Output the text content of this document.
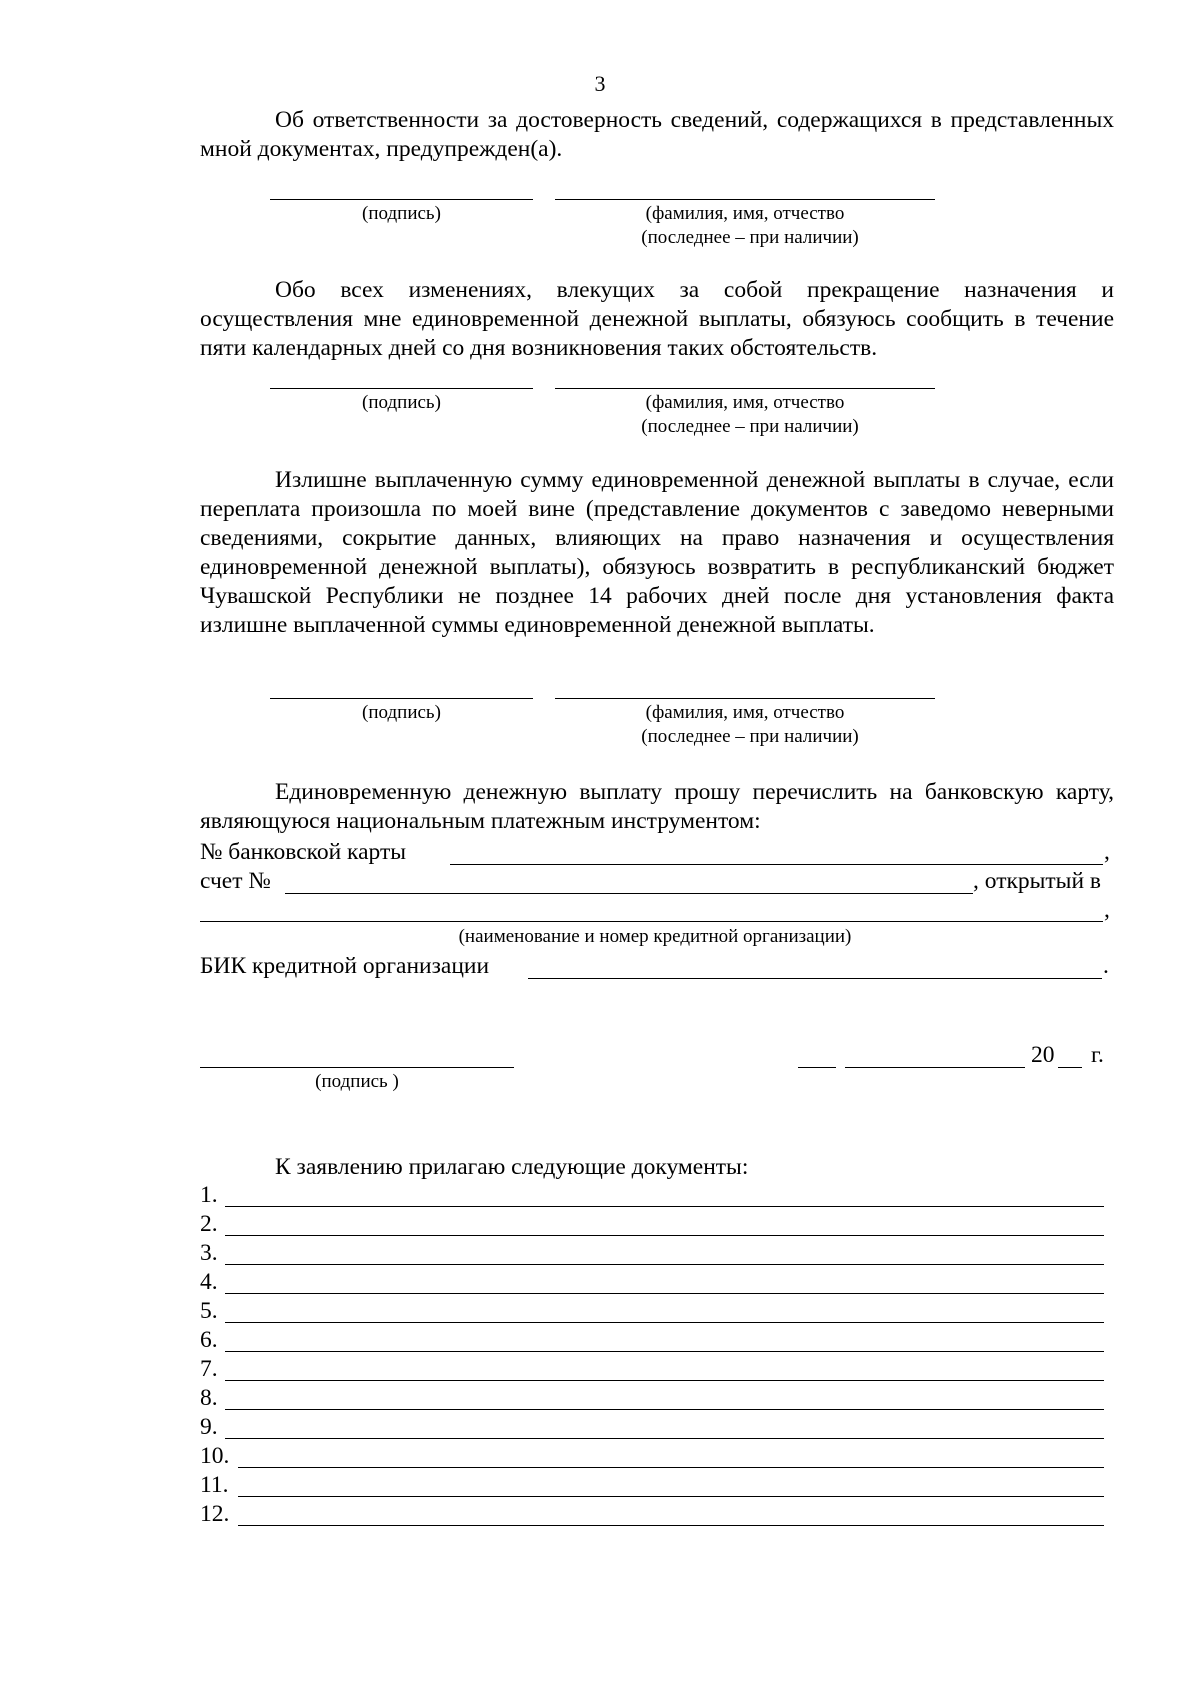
3
Об ответственности за достоверность сведений, содержащихся в представленных мной документах, предупрежден(а).
(подпись)	(фамилия, имя, отчество
(последнее – при наличии)
Обо всех изменениях, влекущих за собой прекращение назначения и осуществления мне единовременной денежной выплаты, обязуюсь сообщить в течение пяти календарных дней со дня возникновения таких обстоятельств.
(подпись)	(фамилия, имя, отчество
(последнее – при наличии)
Излишне выплаченную сумму единовременной денежной выплаты в случае, если переплата произошла по моей вине (представление документов с заведомо неверными сведениями, сокрытие данных, влияющих на право назначения и осуществления единовременной денежной выплаты), обязуюсь возвратить в республиканский бюджет Чувашской Республики не позднее 14 рабочих дней после дня установления факта излишне выплаченной суммы единовременной денежной выплаты.
(подпись)	(фамилия, имя, отчество
(последнее – при наличии)
Единовременную денежную выплату прошу перечислить на банковскую карту, являющуюся национальным платежным инструментом:
№ банковской карты	,
счет №	, открытый в
,
(наименование и номер кредитной организации)
БИК кредитной организации	.
(подпись )
20 г.
К заявлению прилагаю следующие документы:
1.
2.
3.
4.
5.
6.
7.
8.
9.
10.
11.
12.
